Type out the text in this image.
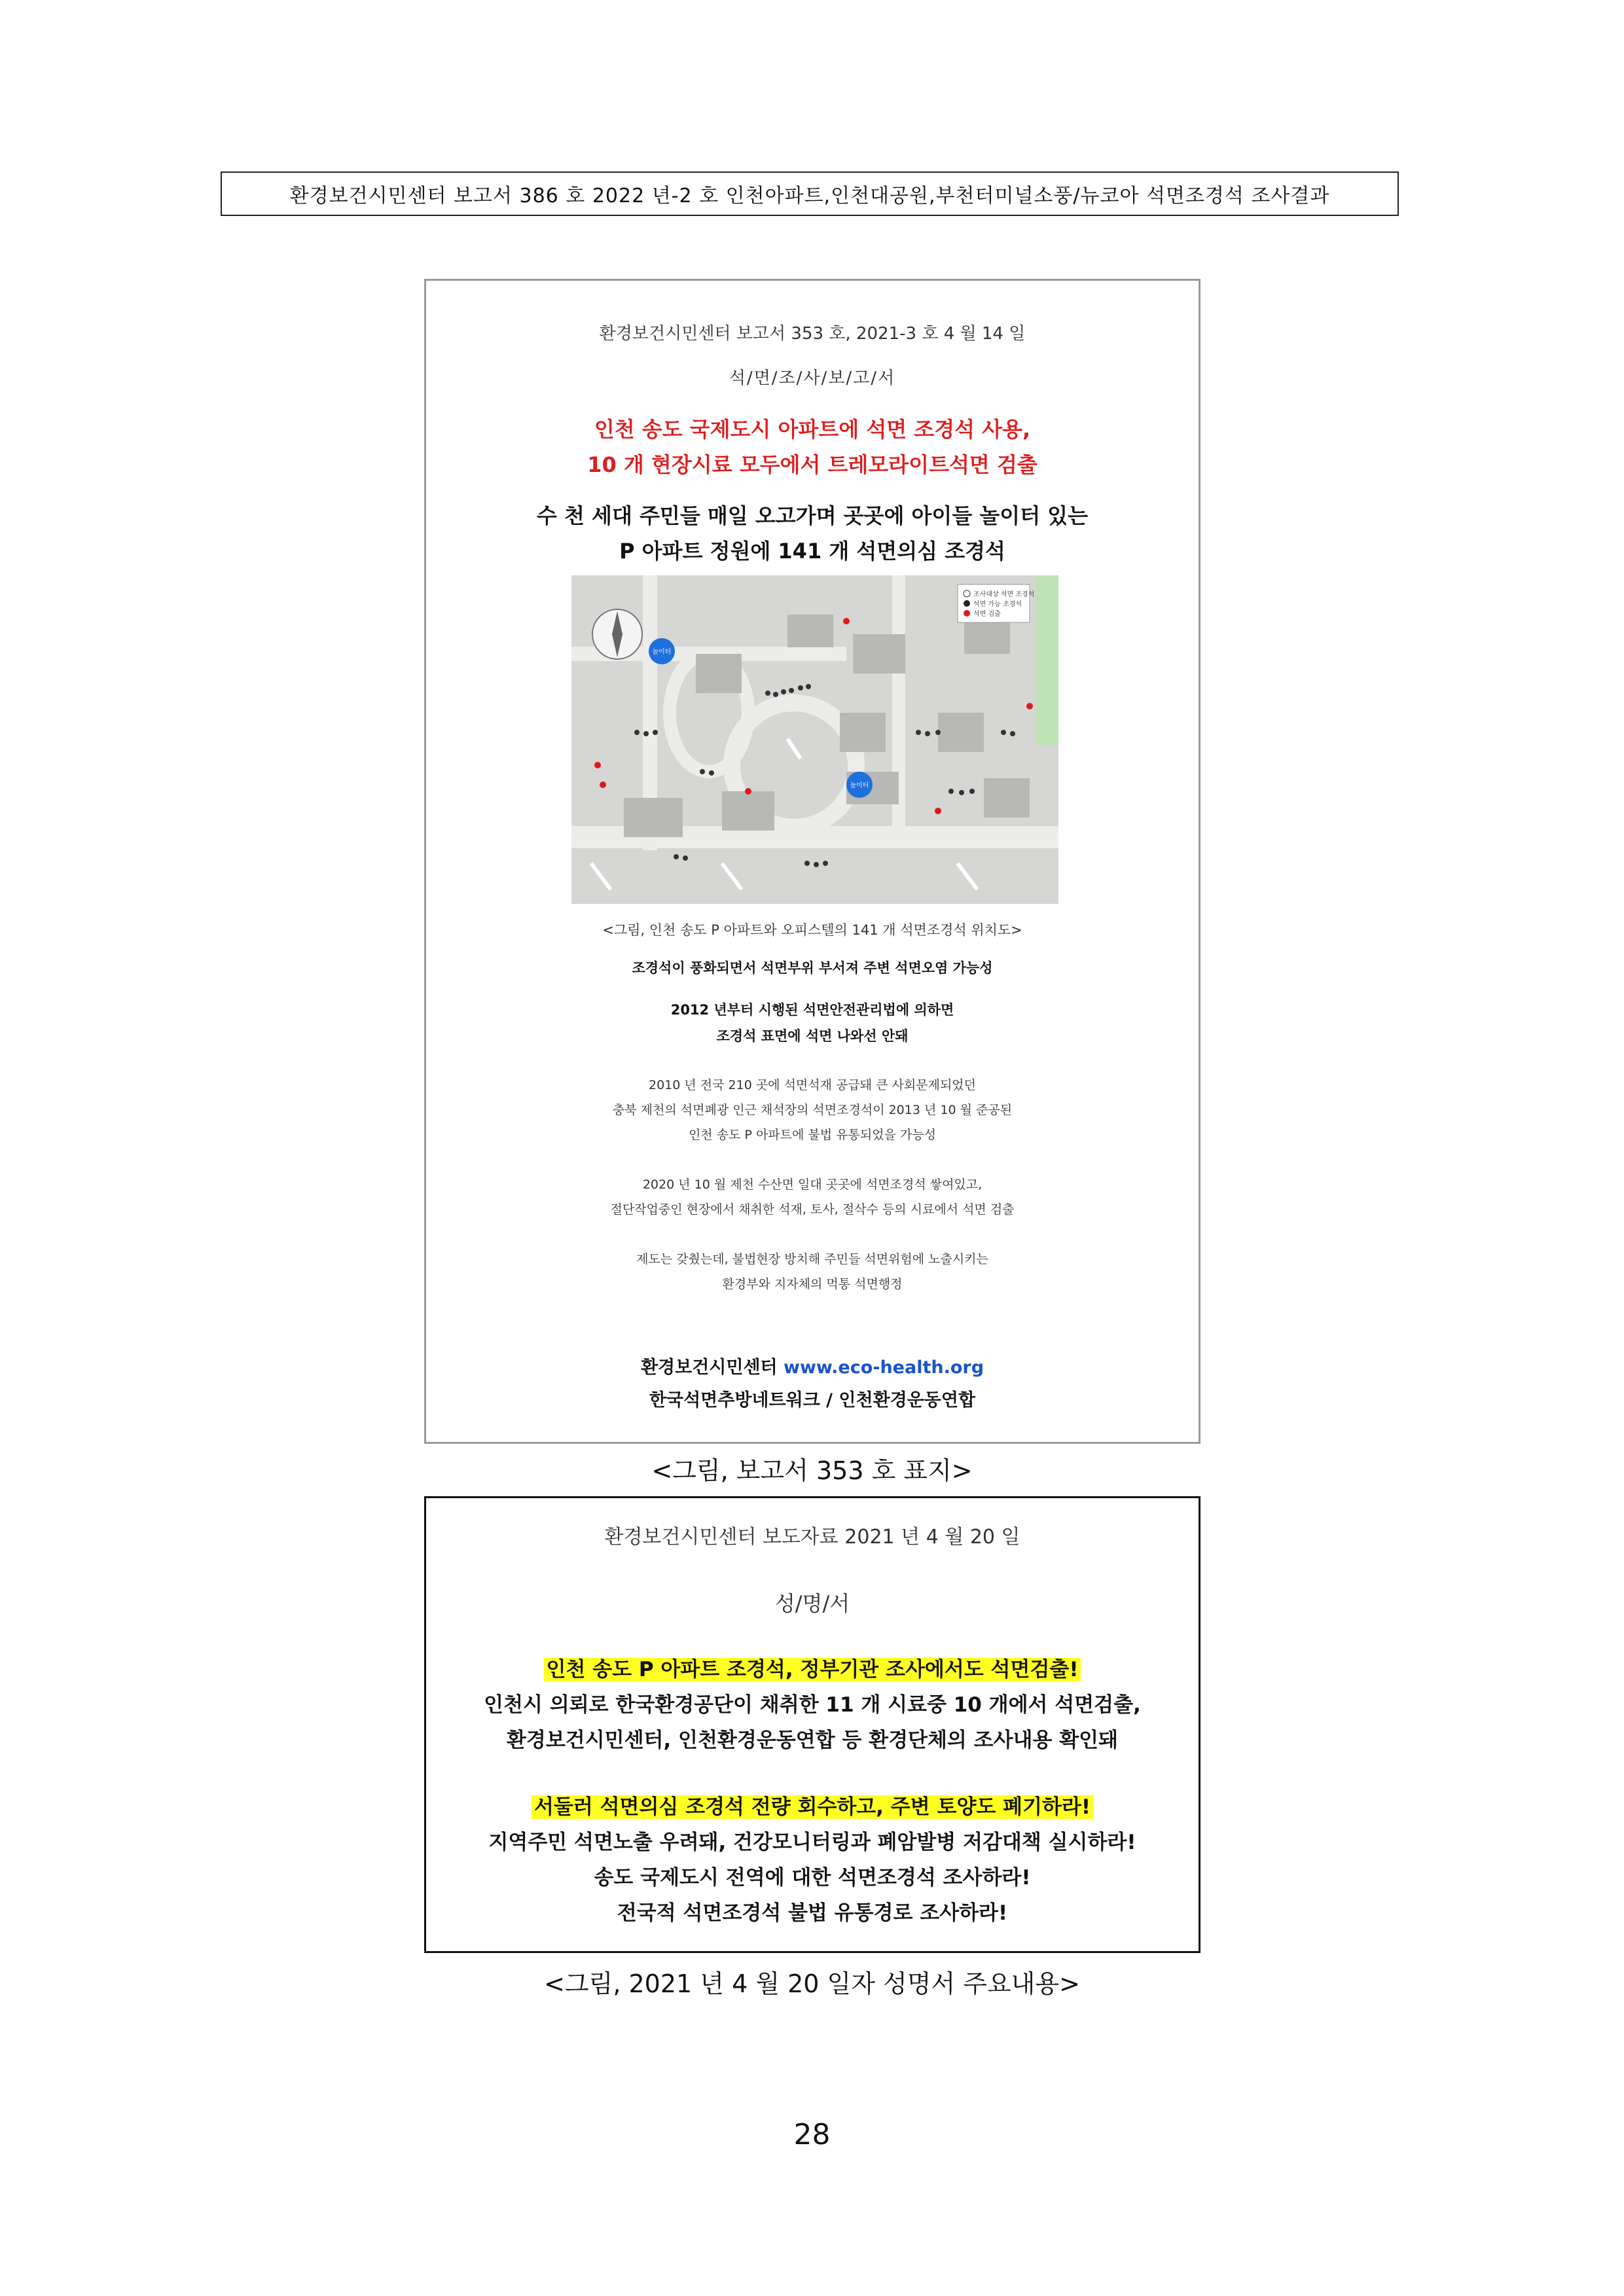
환경보건시민센터 보고서 386 호 2022 년-2 호 인천아파트,인천대공원,부천터미널소풍/뉴코아 석면조경석 조사결과
환경보건시민센터 보고서 353 호, 2021-3 호 4 월 14 일
석/면/조/사/보/고/서
인천 송도 국제도시 아파트에 석면 조경석 사용,
10 개 현장시료 모두에서 트레모라이트석면 검출
수 천 세대 주민들 매일 오고가며 곳곳에 아이들 놀이터 있는
P 아파트 정원에 141 개 석면의심 조경석
조사대상 석면 조경석
석면 가능 조경석
석면 검출
놀이터
놀이터
<그림, 인천 송도 P 아파트와 오피스텔의 141 개 석면조경석 위치도>
조경석이 풍화되면서 석면부위 부서져 주변 석면오염 가능성
2012 년부터 시행된 석면안전관리법에 의하면
조경석 표면에 석면 나와선 안돼
2010 년 전국 210 곳에 석면석재 공급돼 큰 사회문제되었던
충북 제천의 석면폐광 인근 채석장의 석면조경석이 2013 년 10 월 준공된
인천 송도 P 아파트에 불법 유통되었을 가능성
2020 년 10 월 제천 수산면 일대 곳곳에 석면조경석 쌓여있고,
절단작업중인 현장에서 채취한 석재, 토사, 절삭수 등의 시료에서 석면 검출
제도는 갖췄는데, 불법현장 방치해 주민들 석면위험에 노출시키는
환경부와 지자체의 먹통 석면행정
환경보건시민센터 www.eco-health.org
한국석면추방네트워크 / 인천환경운동연합
<그림, 보고서 353 호 표지>
환경보건시민센터 보도자료 2021 년 4 월 20 일
성/명/서
인천 송도 P 아파트 조경석, 정부기관 조사에서도 석면검출!
인천시 의뢰로 한국환경공단이 채취한 11 개 시료중 10 개에서 석면검출,
환경보건시민센터, 인천환경운동연합 등 환경단체의 조사내용 확인돼
서둘러 석면의심 조경석 전량 회수하고, 주변 토양도 폐기하라!
지역주민 석면노출 우려돼, 건강모니터링과 폐암발병 저감대책 실시하라!
송도 국제도시 전역에 대한 석면조경석 조사하라!
전국적 석면조경석 불법 유통경로 조사하라!
<그림, 2021 년 4 월 20 일자 성명서 주요내용>
28
